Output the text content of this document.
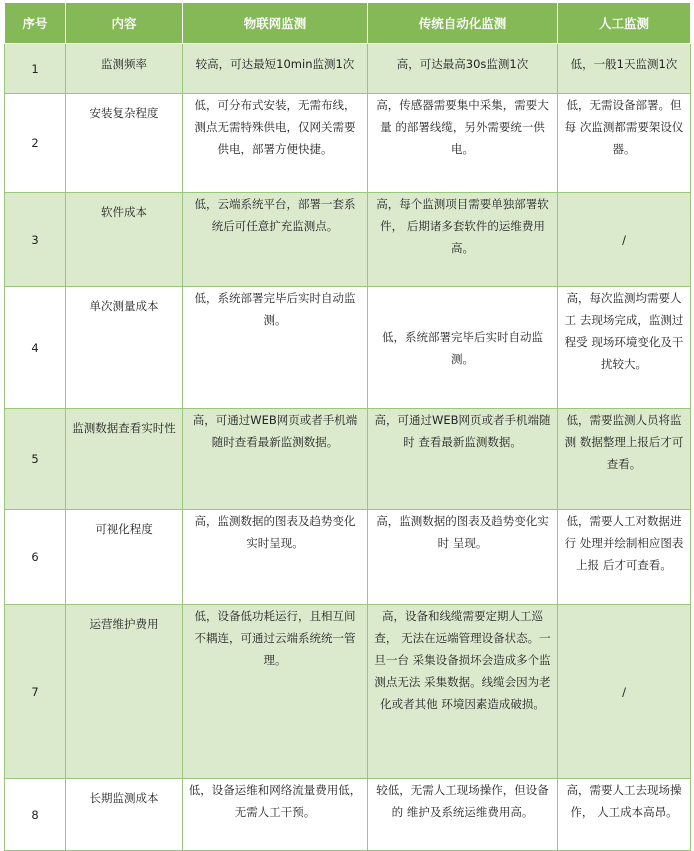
序号	内容	物联网监测	传统自动化监测	人工监测
1	监测频率	较高，可达最短10min监测1次	高，可达最高30s监测1次	低，一般1天监测1次
2	安装复杂程度	低，可分布式安装，无需布线， 测点无需特殊供电，仅网关需要 供电，部署方便快捷。	高，传感器需要集中采集，需要大量 的部署线缆，另外需要统一供电。	低，无需设备部署。但每 次监测都需要架设仪器。
3	软件成本	低，云端系统平台，部署一套系 统后可任意扩充监测点。	高，每个监测项目需要单独部署软件， 后期诸多套软件的运维费用高。	/
4	单次测量成本	低，系统部署完毕后实时自动监 测。	低，系统部署完毕后实时自动监测。	高，每次监测均需要人工 去现场完成，监测过程受 现场环境变化及干扰较大。
5	监测数据查看实时性	高，可通过WEB网页或者手机端 随时查看最新监测数据。	高，可通过WEB网页或者手机端随时 查看最新监测数据。	低，需要监测人员将监测 数据整理上报后才可查看。
6	可视化程度	高，监测数据的图表及趋势变化 实时呈现。	高，监测数据的图表及趋势变化实时 呈现。	低，需要人工对数据进行 处理并绘制相应图表上报 后才可查看。
7	运营维护费用	低，设备低功耗运行，且相互间 不耦连，可通过云端系统统一管 理。	高，设备和线缆需要定期人工巡查， 无法在远端管理设备状态。一旦一台 采集设备损坏会造成多个监测点无法 采集数据。线缆会因为老化或者其他 环境因素造成破损。	/
8	长期监测成本	低，设备运维和网络流量费用低， 无需人工干预。	较低，无需人工现场操作，但设备的 维护及系统运维费用高。	高，需要人工去现场操作， 人工成本高昂。
